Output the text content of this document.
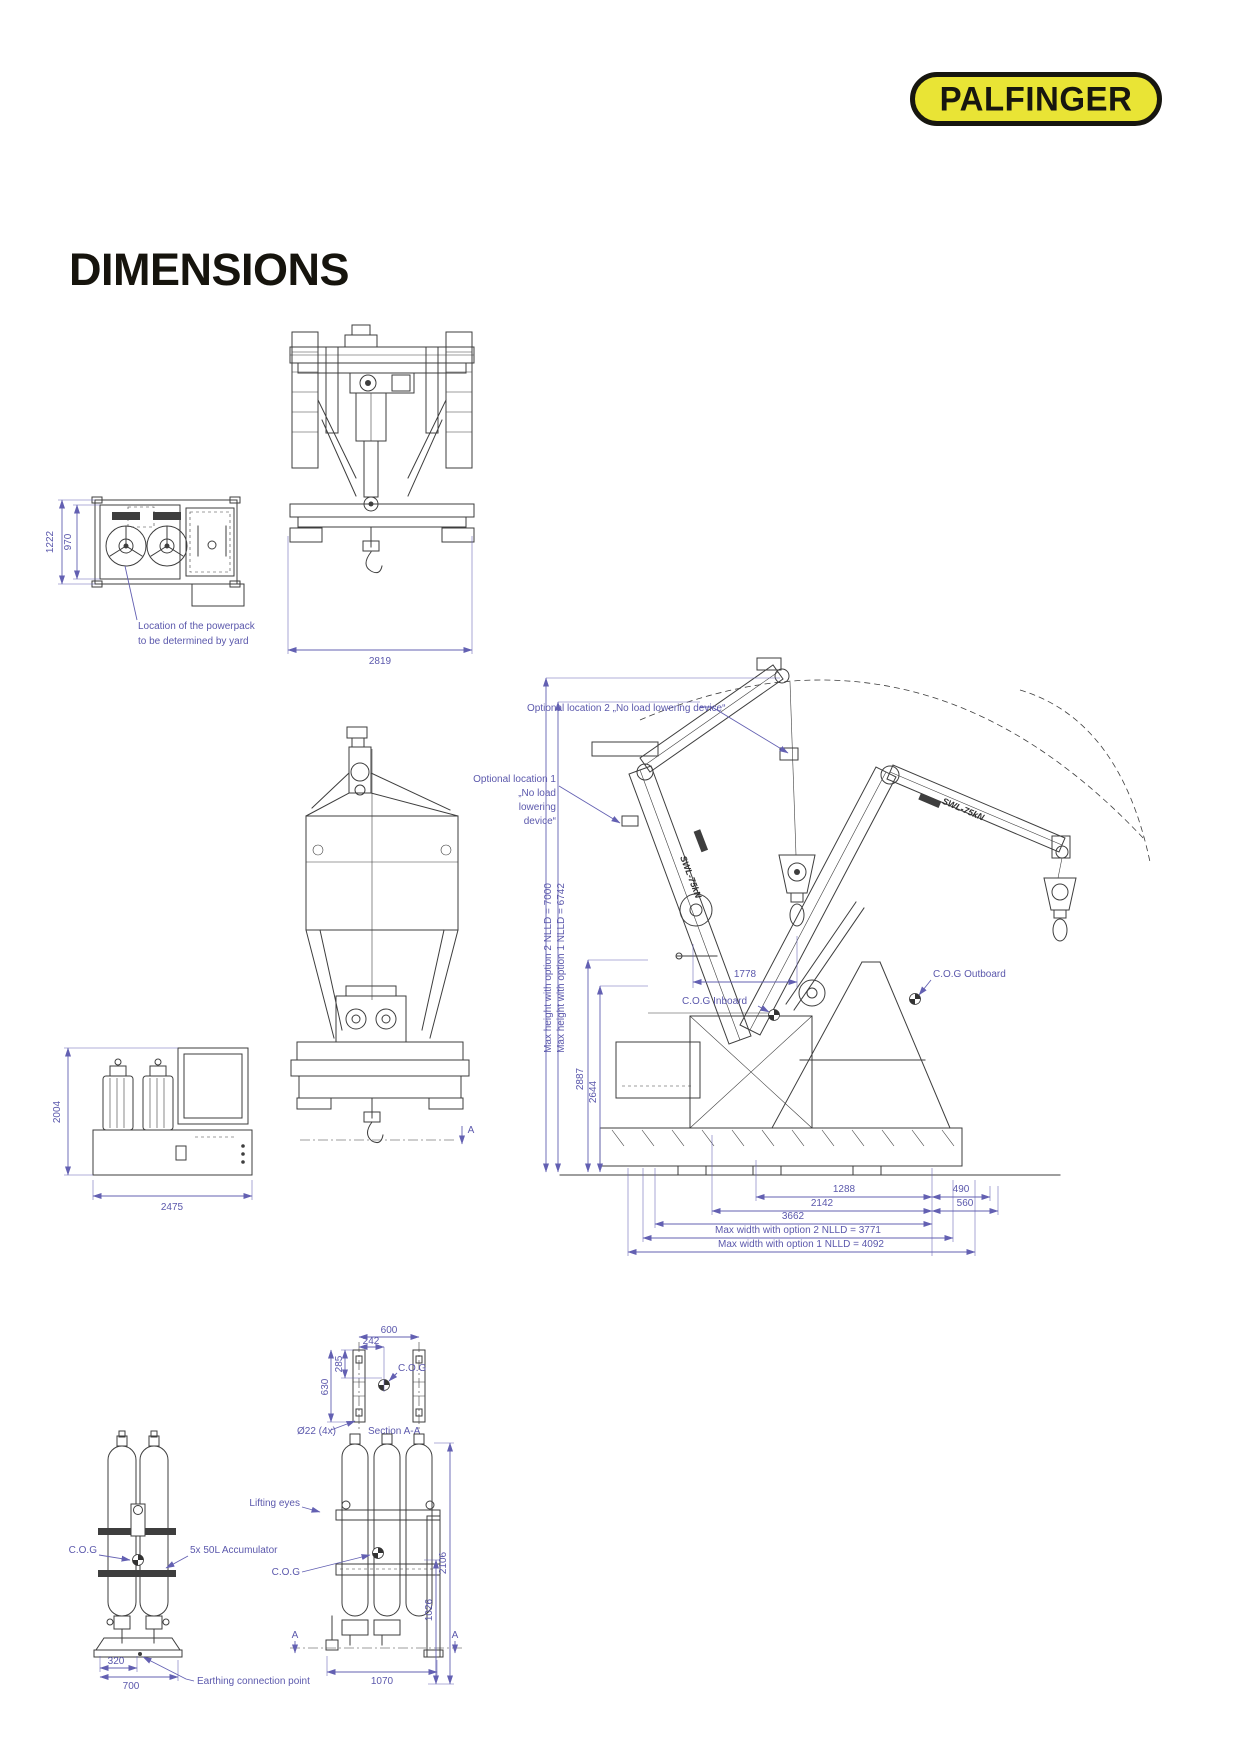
PALFINGER
DIMENSIONS
1222 970
Location of the powerpack
to be determined by yard
2819
A
2004
2475
SWL-75kN
SWL-75kN
Optional location 2 „No load lowering device“
Optional location 1
„No load
lowering
device“
Max height with option 2 NLLD = 7000 Max height with option 1 NLLD = 6742
2887
2644
1778
C.O.G Inboard
C.O.G Outboard
1288	490
2142	560
3662
Max width with option 2 NLLD = 3771
Max width with option 1 NLLD = 4092
600
242
285
630
C.O.G
Ø22 (4x)	Section A-A
C.O.G	5x 50L Accumulator
320
700	Earthing connection point
Lifting eyes
C.O.G
A	A
1070
2106
1026
